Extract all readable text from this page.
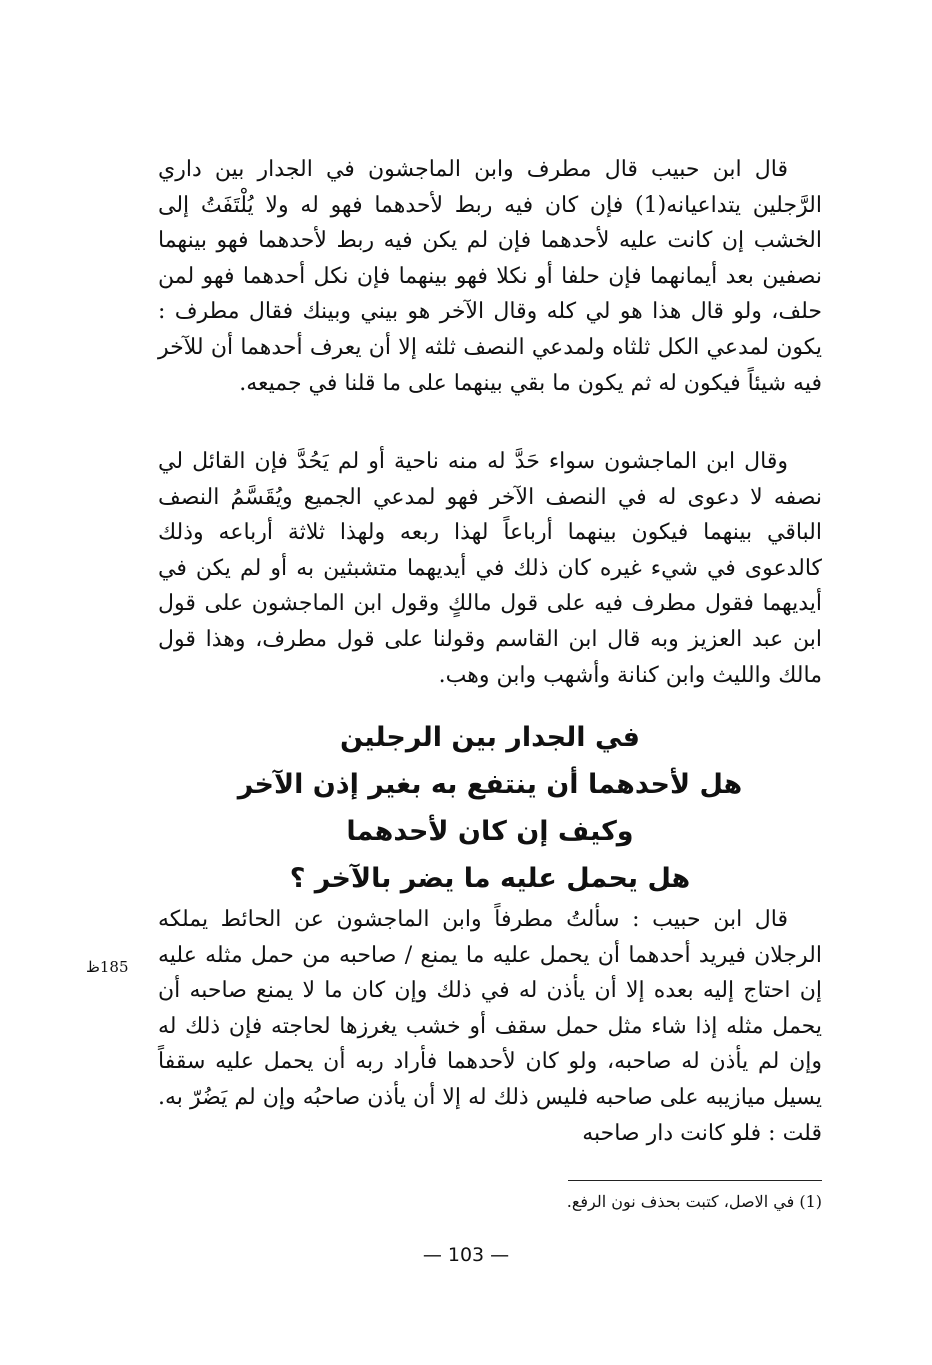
قال ابن حبيب قال مطرف وابن الماجشون في الجدار بين داري الرَّجلين يتداعيانه(1) فإن كان فيه ربط لأحدهما فهو له ولا يُلْتَفَتُ إلى الخشب إن كانت عليه لأحدهما فإن لم يكن فيه ربط لأحدهما فهو بينهما نصفين بعد أيمانهما فإن حلفا أو نكلا فهو بينهما فإن نكل أحدهما فهو لمن حلف، ولو قال هذا هو لي كله وقال الآخر هو بيني وبينك فقال مطرف : يكون لمدعي الكل ثلثاه ولمدعي النصف ثلثه إلا أن يعرف أحدهما أن للآخر فيه شيئاً فيكون له ثم يكون ما بقي بينهما على ما قلنا في جميعه.

وقال ابن الماجشون سواء حَدَّ له منه ناحية أو لم يَحُدَّ فإن القائل لي نصفه لا دعوى له في النصف الآخر فهو لمدعي الجميع ويُقَسَّمُ النصف الباقي بينهما فيكون بينهما أرباعاً لهذا ربعه ولهذا ثلاثة أرباعه وذلك كالدعوى في شيء غيره كان ذلك في أيديهما متشبثين به أو لم يكن في أيديهما فقول مطرف فيه على قول مالكٍ وقول ابن الماجشون على قول ابن عبد العزيز وبه قال ابن القاسم وقولنا على قول مطرف، وهذا قول مالك والليث وابن كنانة وأشهب وابن وهب.

في الجدار بين الرجلين
هل لأحدهما أن ينتفع به بغير إذن الآخر
وكيف إن كان لأحدهما
هل يحمل عليه ما يضر بالآخر ؟

قال ابن حبيب : سألتُ مطرفاً وابن الماجشون عن الحائط يملكه الرجلان فيريد أحدهما أن يحمل عليه ما يمنع / صاحبه من حمل مثله عليه إن احتاج إليه بعده إلا أن يأذن له في ذلك وإن كان ما لا يمنع صاحبه أن يحمل مثله إذا شاء مثل حمل سقف أو خشب يغرزها لحاجته فإن ذلك له وإن لم يأذن له صاحبه، ولو كان لأحدهما فأراد ربه أن يحمل عليه سقفاً يسيل ميازيبه على صاحبه فليس ذلك له إلا أن يأذن صاحبُه وإن لم يَضُرّ به. قلت : فلو كانت دار صاحبه

185ظ
(1) في الاصل، كتبت بحذف نون الرفع.
— 103 —
